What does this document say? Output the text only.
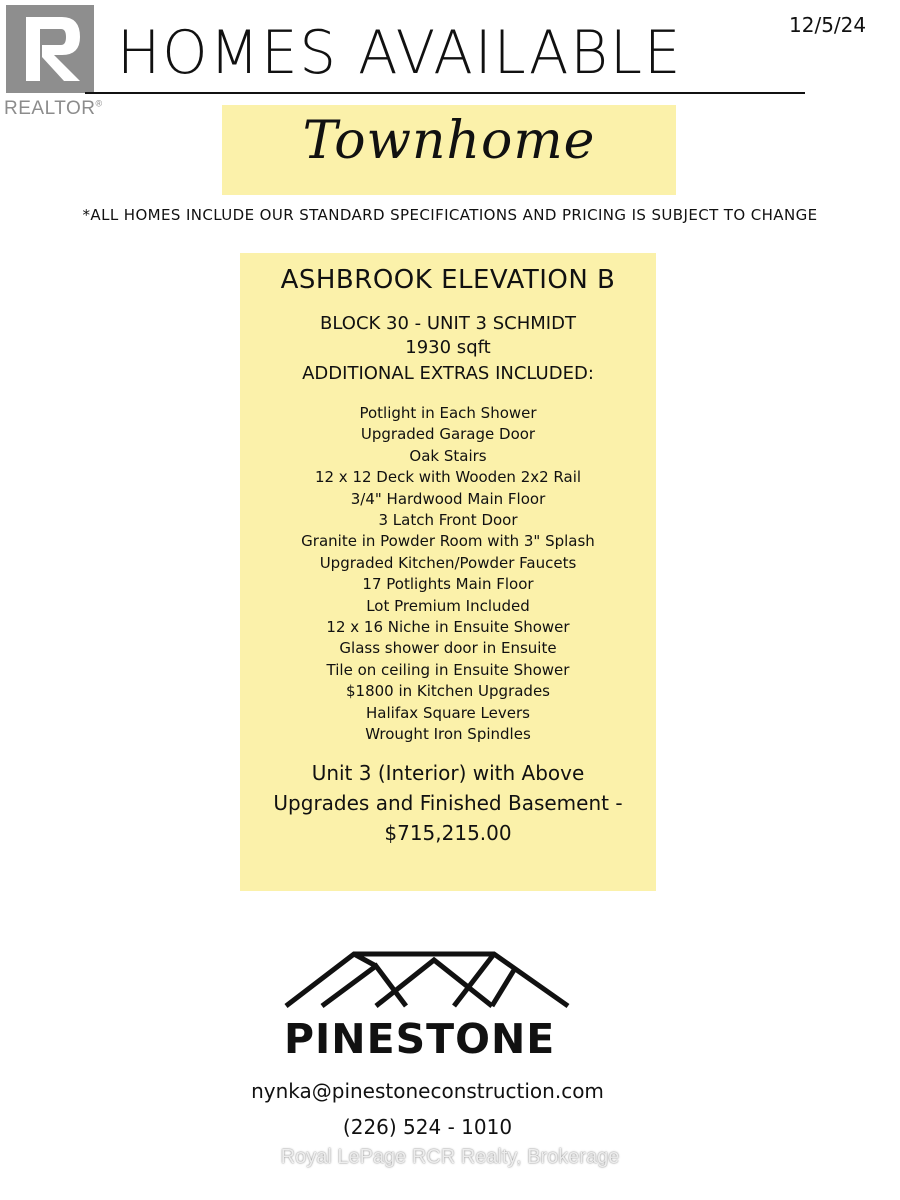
REALTOR®
HOMES AVAILABLE	12/5/24
Townhome
*ALL HOMES INCLUDE OUR STANDARD SPECIFICATIONS AND PRICING IS SUBJECT TO CHANGE
ASHBROOK ELEVATION B
BLOCK 30 - UNIT 3 SCHMIDT
1930 sqft
ADDITIONAL EXTRAS INCLUDED:
Potlight in Each Shower
Upgraded Garage Door
Oak Stairs
12 x 12 Deck with Wooden 2x2 Rail
3/4" Hardwood Main Floor
3 Latch Front Door
Granite in Powder Room with 3" Splash
Upgraded Kitchen/Powder Faucets
17 Potlights Main Floor
Lot Premium Included
12 x 16 Niche in Ensuite Shower
Glass shower door in Ensuite
Tile on ceiling in Ensuite Shower
$1800 in Kitchen Upgrades
Halifax Square Levers
Wrought Iron Spindles
Unit 3 (Interior) with Above
Upgrades and Finished Basement -
$715,215.00
PINESTONE
nynka@pinestoneconstruction.com
(226) 524 - 1010
Royal LePage RCR Realty, Brokerage
